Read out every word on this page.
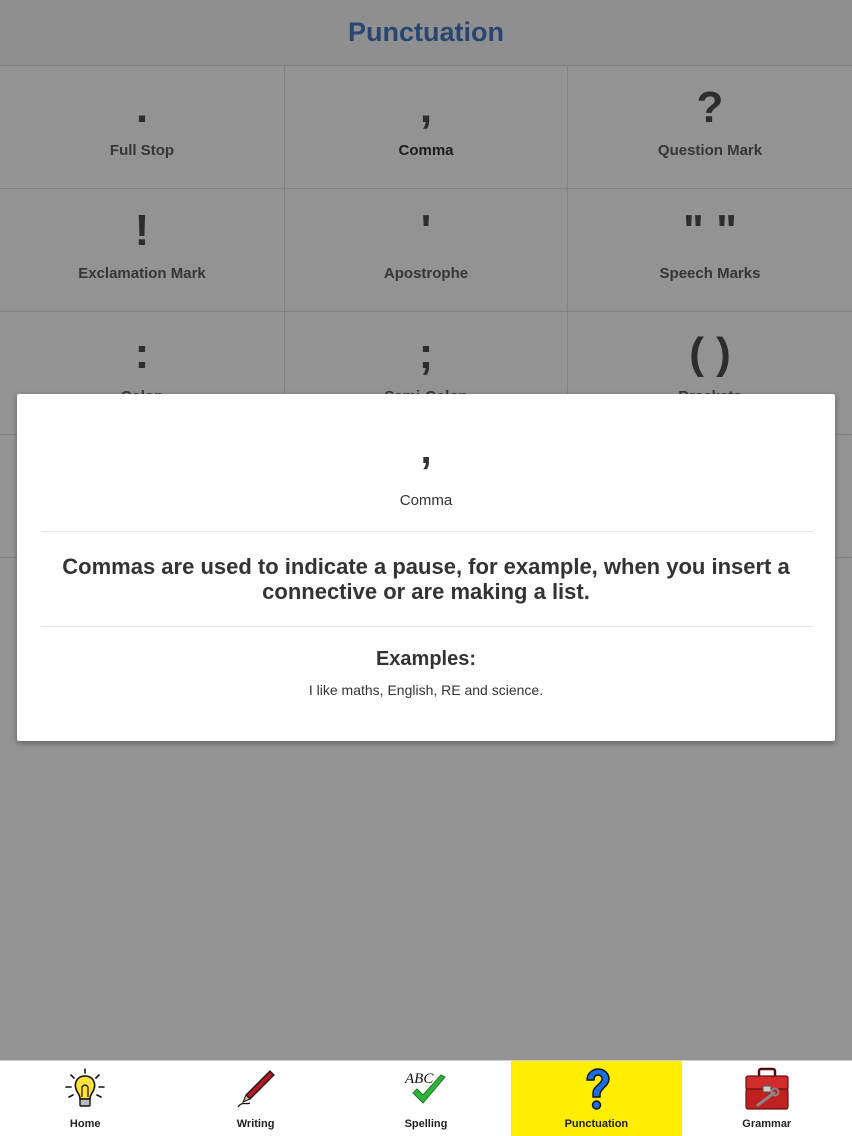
,
Comma
Commas are used to indicate a pause, for example, when you insert a connective or are making a list.
Examples:
I like maths, English, RE and science.
Home	Writing
ABC
Spelling	Punctuation	Grammar
